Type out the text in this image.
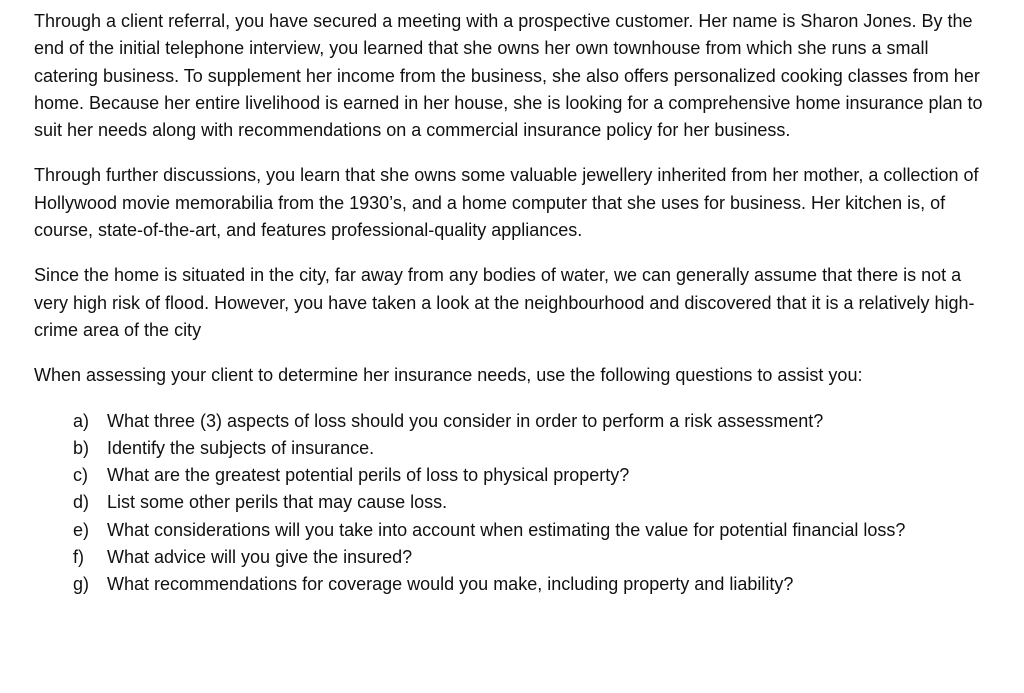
Through a client referral, you have secured a meeting with a prospective customer. Her name is Sharon Jones. By the end of the initial telephone interview, you learned that she owns her own townhouse from which she runs a small catering business. To supplement her income from the business, she also offers personalized cooking classes from her home. Because her entire livelihood is earned in her house, she is looking for a comprehensive home insurance plan to suit her needs along with recommendations on a commercial insurance policy for her business.

Through further discussions, you learn that she owns some valuable jewellery inherited from her mother, a collection of Hollywood movie memorabilia from the 1930’s, and a home computer that she uses for business. Her kitchen is, of course, state-of-the-art, and features professional-quality appliances.

Since the home is situated in the city, far away from any bodies of water, we can generally assume that there is not a very high risk of flood. However, you have taken a look at the neighbourhood and discovered that it is a relatively high-crime area of the city

When assessing your client to determine her insurance needs, use the following questions to assist you:

a) What three (3) aspects of loss should you consider in order to perform a risk assessment?
b) Identify the subjects of insurance.
c) What are the greatest potential perils of loss to physical property?
d) List some other perils that may cause loss.
e) What considerations will you take into account when estimating the value for potential financial loss?
f) What advice will you give the insured?
g) What recommendations for coverage would you make, including property and liability?
